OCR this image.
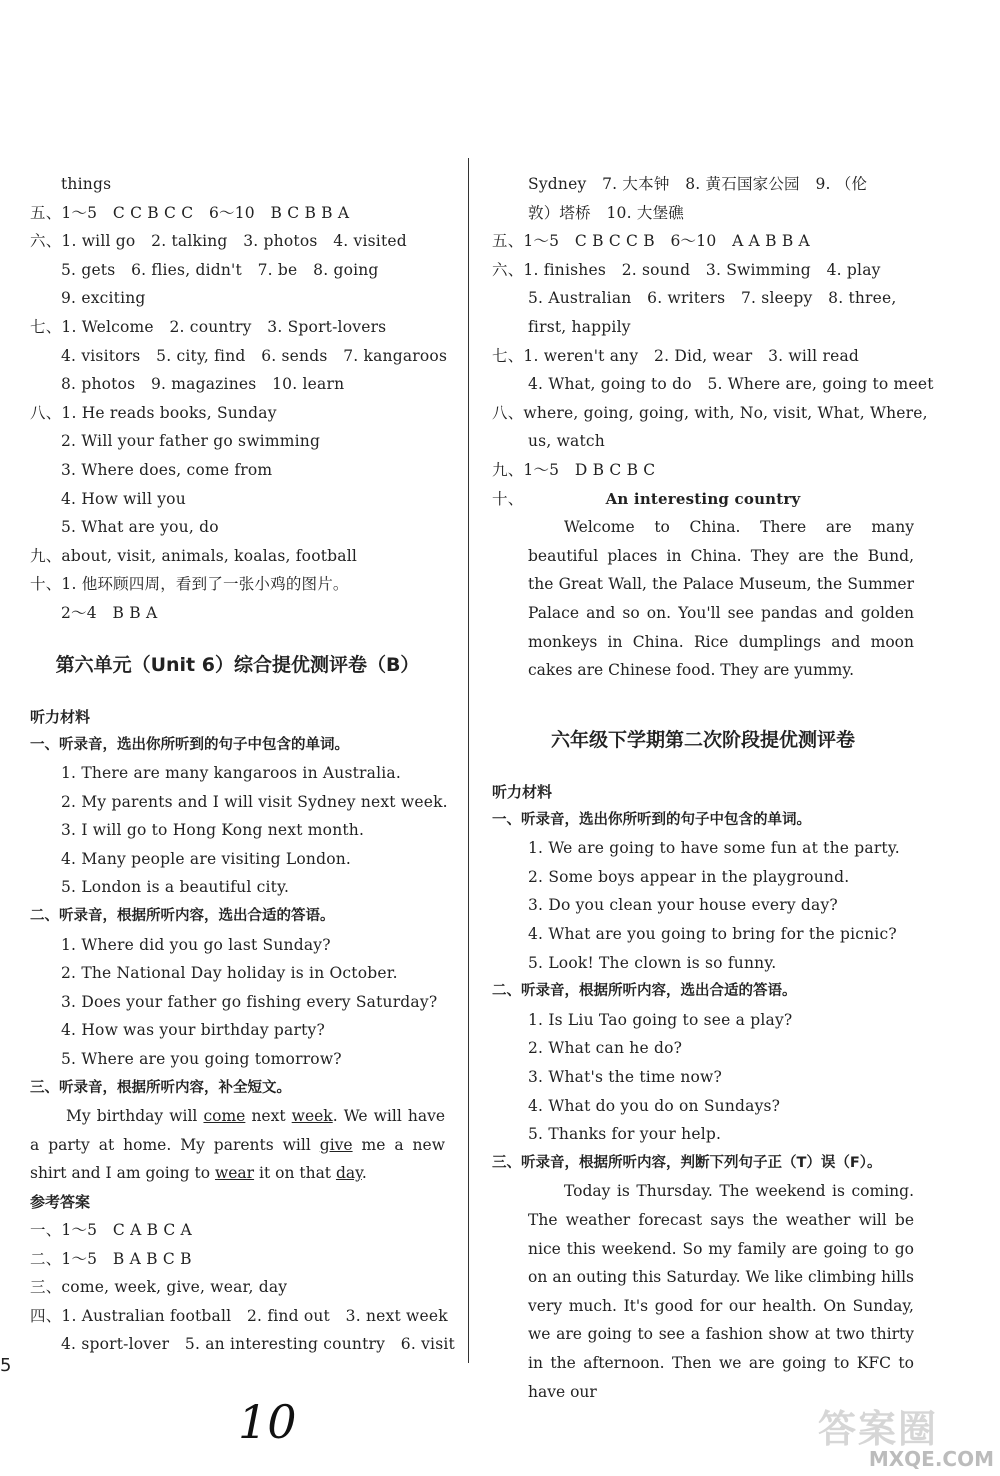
things
五、1～5　C C B C C　6～10　B C B B A
六、1. will go　2. talking　3. photos　4. visited
5. gets　6. flies, didn't　7. be　8. going
9. exciting
七、1. Welcome　2. country　3. Sport-lovers
4. visitors　5. city, find　6. sends　7. kangaroos
8. photos　9. magazines　10. learn
八、1. He reads books, Sunday
2. Will your father go swimming
3. Where does, come from
4. How will you
5. What are you, do
九、about, visit, animals, koalas, football
十、1. 他环顾四周，看到了一张小鸡的图片。
2～4　B B A
第六单元（Unit 6）综合提优测评卷（B）
听力材料
一、听录音，选出你所听到的句子中包含的单词。
1. There are many kangaroos in Australia.
2. My parents and I will visit Sydney next week.
3. I will go to Hong Kong next month.
4. Many people are visiting London.
5. London is a beautiful city.
二、听录音，根据所听内容，选出合适的答语。
1. Where did you go last Sunday?
2. The National Day holiday is in October.
3. Does your father go fishing every Saturday?
4. How was your birthday party?
5. Where are you going tomorrow?
三、听录音，根据所听内容，补全短文。
My birthday will come next week. We will have a party at home. My parents will give me a new shirt and I am going to wear it on that day.
参考答案
一、1～5　C A B C A
二、1～5　B A B C B
三、come, week, give, wear, day
四、1. Australian football　2. find out　3. next week
4. sport-lover　5. an interesting country　6. visit
Sydney　7. 大本钟　8. 黄石国家公园　9. （伦
敦）塔桥　10. 大堡礁
五、1～5　C B C C B　6～10　A A B B A
六、1. finishes　2. sound　3. Swimming　4. play
5. Australian　6. writers　7. sleepy　8. three,
first, happily
七、1. weren't any　2. Did, wear　3. will read
4. What, going to do　5. Where are, going to meet
八、where, going, going, with, No, visit, What, Where,
us, watch
九、1～5　D B C B C
十、	An interesting country
Welcome to China. There are many beautiful places in China. They are the Bund, the Great Wall, the Palace Museum, the Summer Palace and so on. You'll see pandas and golden monkeys in China. Rice dumplings and moon cakes are Chinese food. They are yummy.
六年级下学期第二次阶段提优测评卷
听力材料
一、听录音，选出你所听到的句子中包含的单词。
1. We are going to have some fun at the party.
2. Some boys appear in the playground.
3. Do you clean your house every day?
4. What are you going to bring for the picnic?
5. Look! The clown is so funny.
二、听录音，根据所听内容，选出合适的答语。
1. Is Liu Tao going to see a play?
2. What can he do?
3. What's the time now?
4. What do you do on Sundays?
5. Thanks for your help.
三、听录音，根据所听内容，判断下列句子正（T）误（F）。
Today is Thursday. The weekend is coming. The weather forecast says the weather will be nice this weekend. So my family are going to go on an outing this Saturday. We like climbing hills very much. It's good for our health. On Sunday, we are going to see a fashion show at two thirty in the afternoon. Then we are going to KFC to have our
5
10	答案圈
MXQE.COM
